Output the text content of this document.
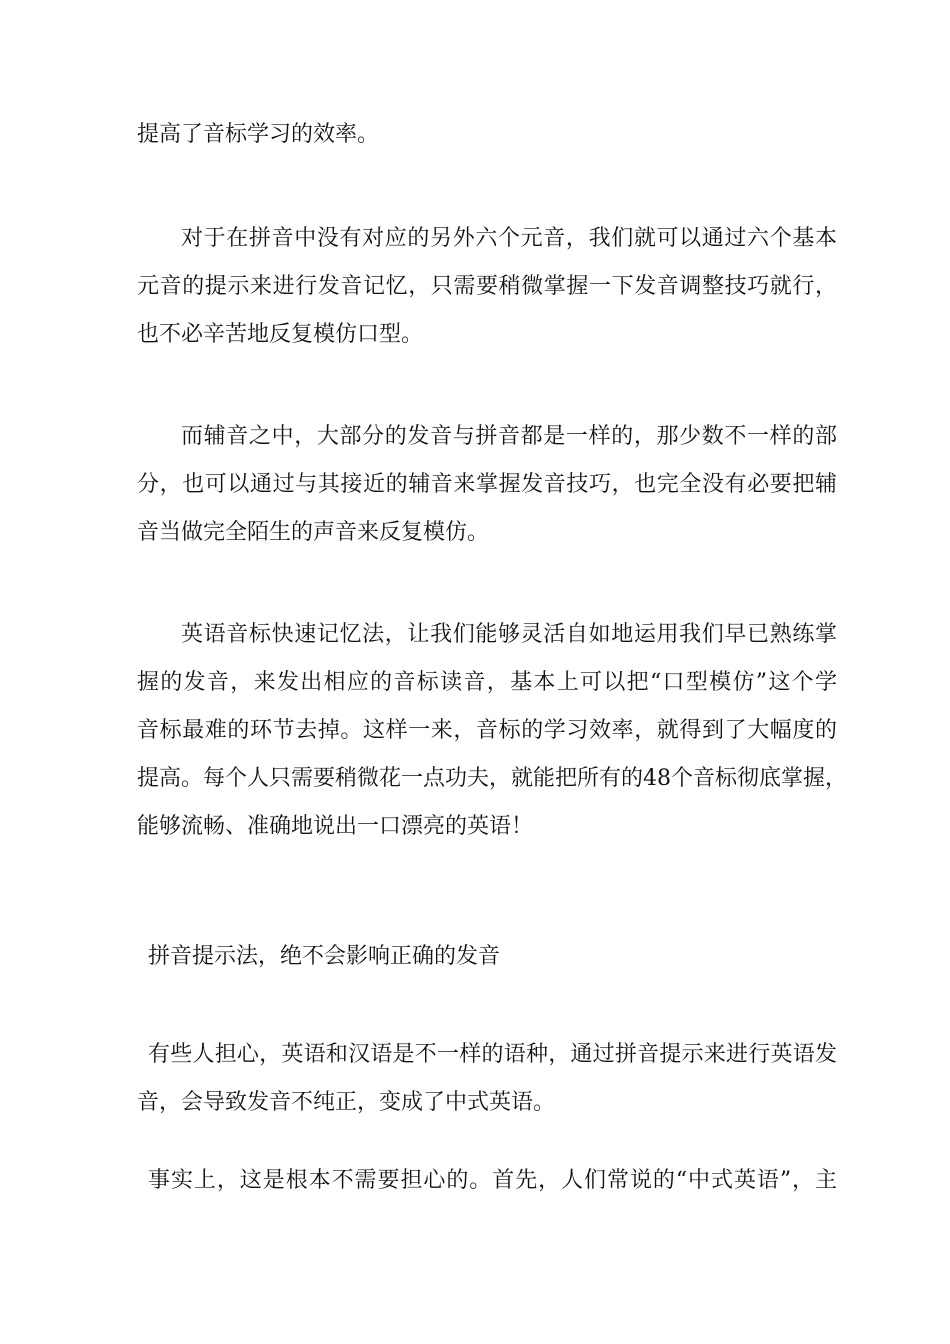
提高了音标学习的效率。
对于在拼音中没有对应的另外六个元音，我们就可以通过六个基本
元音的提示来进行发音记忆，只需要稍微掌握一下发音调整技巧就行，
也不必辛苦地反复模仿口型。
而辅音之中，大部分的发音与拼音都是一样的，那少数不一样的部
分，也可以通过与其接近的辅音来掌握发音技巧，也完全没有必要把辅
音当做完全陌生的声音来反复模仿。
英语音标快速记忆法，让我们能够灵活自如地运用我们早已熟练掌
握的发音，来发出相应的音标读音，基本上可以把“口型模仿”这个学
音标最难的环节去掉。这样一来，音标的学习效率，就得到了大幅度的
提高。每个人只需要稍微花一点功夫，就能把所有的48个音标彻底掌握，
能够流畅、准确地说出一口漂亮的英语！
拼音提示法，绝不会影响正确的发音
有些人担心，英语和汉语是不一样的语种，通过拼音提示来进行英语发
音，会导致发音不纯正，变成了中式英语。
事实上，这是根本不需要担心的。首先，人们常说的“中式英语”，主
